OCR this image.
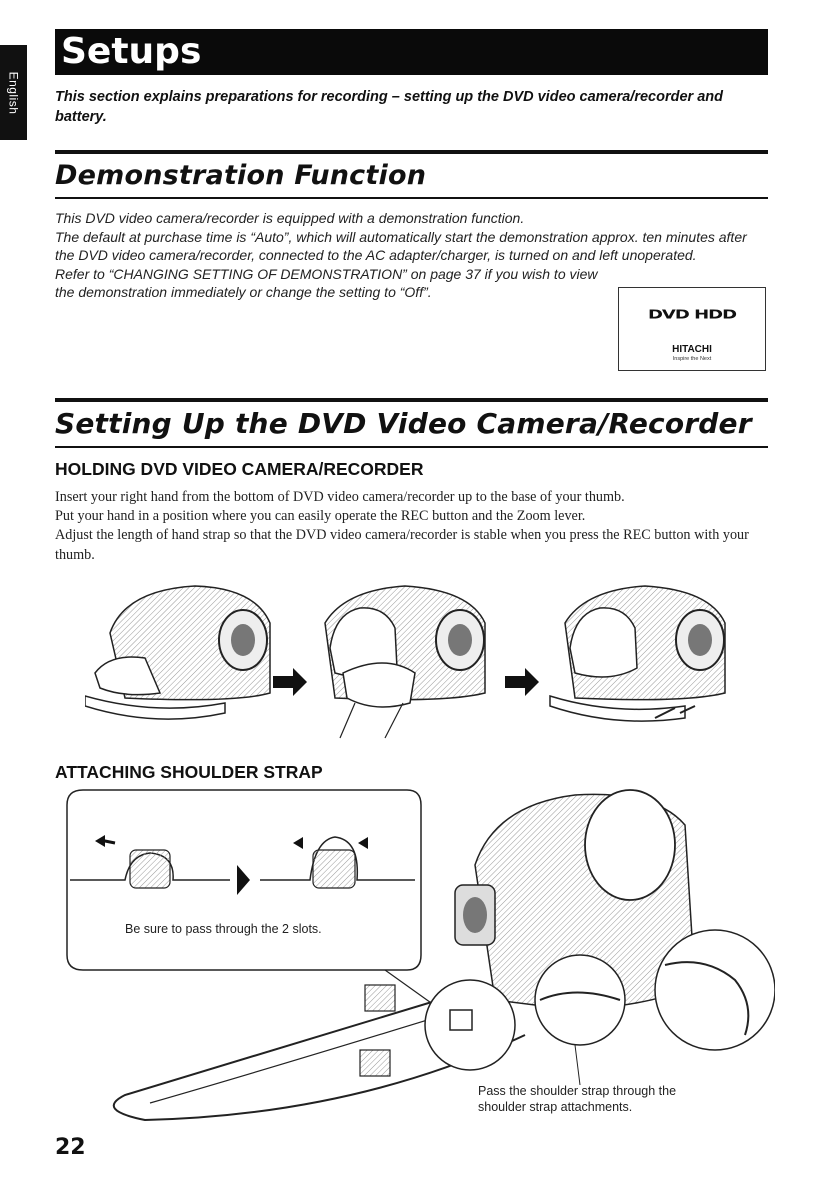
English
Setups
This section explains preparations for recording – setting up the DVD video camera/recorder and battery.
Demonstration Function

This DVD video camera/recorder is equipped with a demonstration function.

The default at purchase time is “Auto”, which will automatically start the demonstration approx. ten minutes after the DVD video camera/recorder, connected to the AC adapter/charger, is turned on and left unoperated.

Refer to “CHANGING SETTING OF DEMONSTRATION” on page 37 if you wish to view the demonstration immediately or change the setting to “Off”.

DVD HDD
HITACHI
Inspire the Next
Setting Up the DVD Video Camera/Recorder
HOLDING DVD VIDEO CAMERA/RECORDER

Insert your right hand from the bottom of DVD video camera/recorder up to the base of your thumb.

Put your hand in a position where you can easily operate the REC button and the Zoom lever.

Adjust the length of hand strap so that the DVD video camera/recorder is stable when you press the REC button with your thumb.

ATTACHING SHOULDER STRAP
Be sure to pass through the 2 slots.
Pass the shoulder strap through the shoulder strap attachments.
22
